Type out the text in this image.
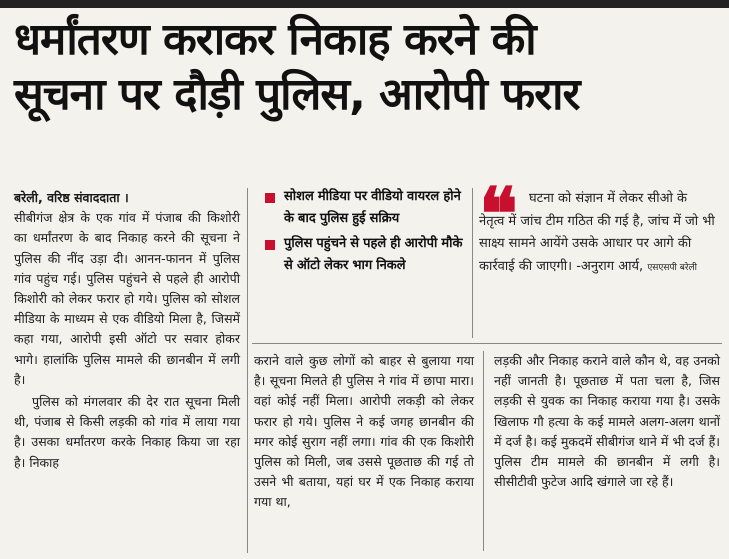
धर्मांतरण कराकर निकाह करने की
सूचना पर दौड़ी पुलिस, आरोपी फरार

बरेली, वरिष्ठ संवाददाता ।

सीबीगंज क्षेत्र के एक गांव में पंजाब की किशोरी का धर्मांतरण के बाद निकाह करने की सूचना ने पुलिस की नींद उड़ा दी। आनन-फानन में पुलिस गांव पहुंच गई। पुलिस पहुंचने से पहले ही आरोपी किशोरी को लेकर फरार हो गये। पुलिस को सोशल मीडिया के माध्यम से एक वीडियो मिला है, जिसमें कहा गया, आरोपी इसी ऑटो पर सवार होकर भागे। हालांकि पुलिस मामले की छानबीन में लगी है।

पुलिस को मंगलवार की देर रात सूचना मिली थी, पंजाब से किसी लड़की को गांव में लाया गया है। उसका धर्मांतरण करके निकाह किया जा रहा है। निकाह

सोशल मीडिया पर वीडियो वायरल होने के बाद पुलिस हुई सक्रिय
पुलिस पहुंचने से पहले ही आरोपी मौके से ऑटो लेकर भाग निकले
❝ घटना को संज्ञान में लेकर सीओ के नेतृत्व में जांच टीम गठित की गई है, जांच में जो भी साक्ष्य सामने आयेंगे उसके आधार पर आगे की कार्रवाई की जाएगी। -अनुराग आर्य, एसएसपी बरेली

कराने वाले कुछ लोगों को बाहर से बुलाया गया है। सूचना मिलते ही पुलिस ने गांव में छापा मारा। वहां कोई नहीं मिला। आरोपी लकड़ी को लेकर फरार हो गये। पुलिस ने कई जगह छानबीन की मगर कोई सुराग नहीं लगा। गांव की एक किशोरी पुलिस को मिली, जब उससे पूछताछ की गई तो उसने भी बताया, यहां घर में एक निकाह कराया गया था,

लड़की और निकाह कराने वाले कौन थे, वह उनको नहीं जानती है। पूछताछ में पता चला है, जिस लड़की से युवक का निकाह कराया गया है। उसके खिलाफ गौ हत्या के कई मामले अलग-अलग थानों में दर्ज है। कई मुकदमें सीबीगंज थाने में भी दर्ज हैं। पुलिस टीम मामले की छानबीन में लगी है। सीसीटीवी फुटेज आदि खंगाले जा रहे हैं।
